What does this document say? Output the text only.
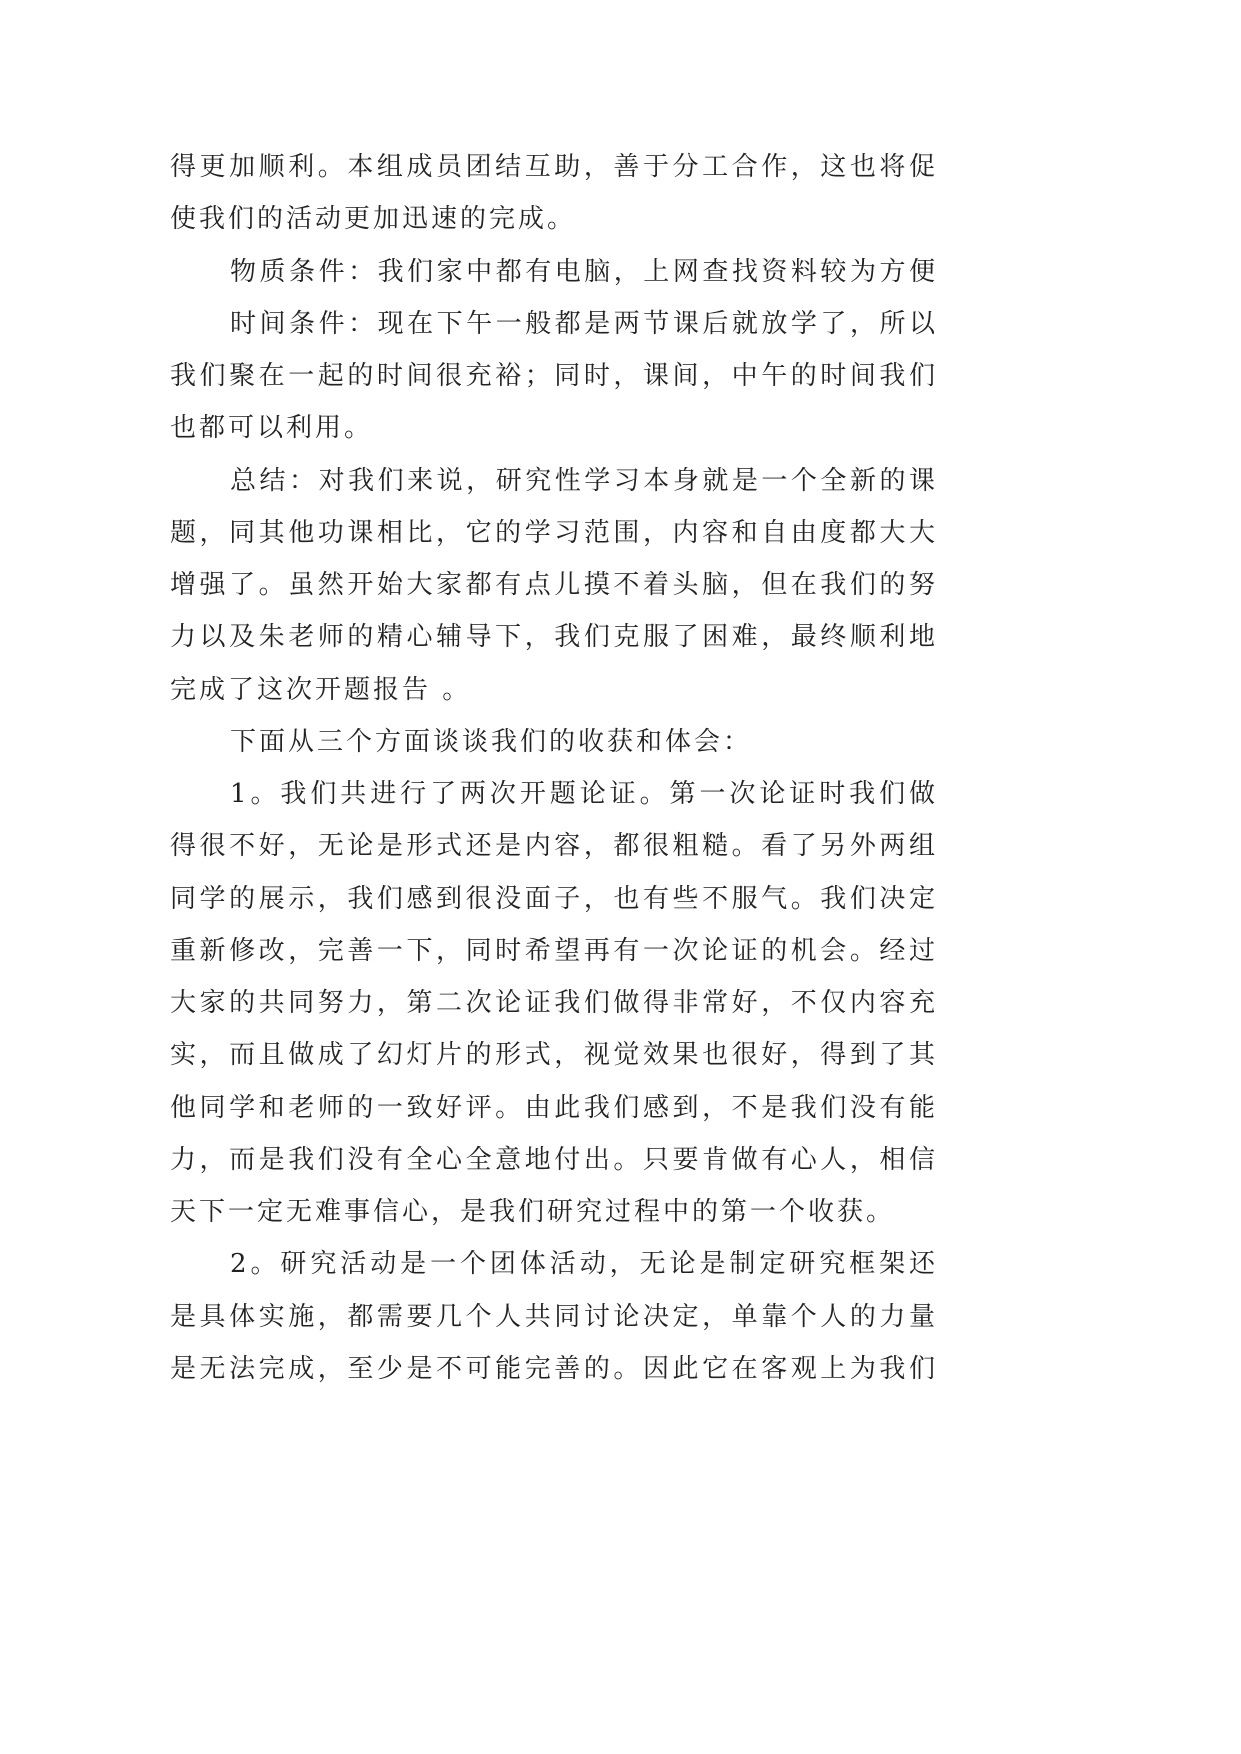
得更加顺利。本组成员团结互助，善于分工合作，这也将促
使我们的活动更加迅速的完成。
物质条件：我们家中都有电脑，上网查找资料较为方便
时间条件：现在下午一般都是两节课后就放学了，所以
我们聚在一起的时间很充裕；同时，课间，中午的时间我们
也都可以利用。
总结：对我们来说，研究性学习本身就是一个全新的课
题，同其他功课相比，它的学习范围，内容和自由度都大大
增强了。虽然开始大家都有点儿摸不着头脑，但在我们的努
力以及朱老师的精心辅导下，我们克服了困难，最终顺利地
完成了这次开题报告 。
下面从三个方面谈谈我们的收获和体会：
1。我们共进行了两次开题论证。第一次论证时我们做
得很不好，无论是形式还是内容，都很粗糙。看了另外两组
同学的展示，我们感到很没面子，也有些不服气。我们决定
重新修改，完善一下，同时希望再有一次论证的机会。经过
大家的共同努力，第二次论证我们做得非常好，不仅内容充
实，而且做成了幻灯片的形式，视觉效果也很好，得到了其
他同学和老师的一致好评。由此我们感到，不是我们没有能
力，而是我们没有全心全意地付出。只要肯做有心人，相信
天下一定无难事信心，是我们研究过程中的第一个收获。
2。研究活动是一个团体活动，无论是制定研究框架还
是具体实施，都需要几个人共同讨论决定，单靠个人的力量
是无法完成，至少是不可能完善的。因此它在客观上为我们
